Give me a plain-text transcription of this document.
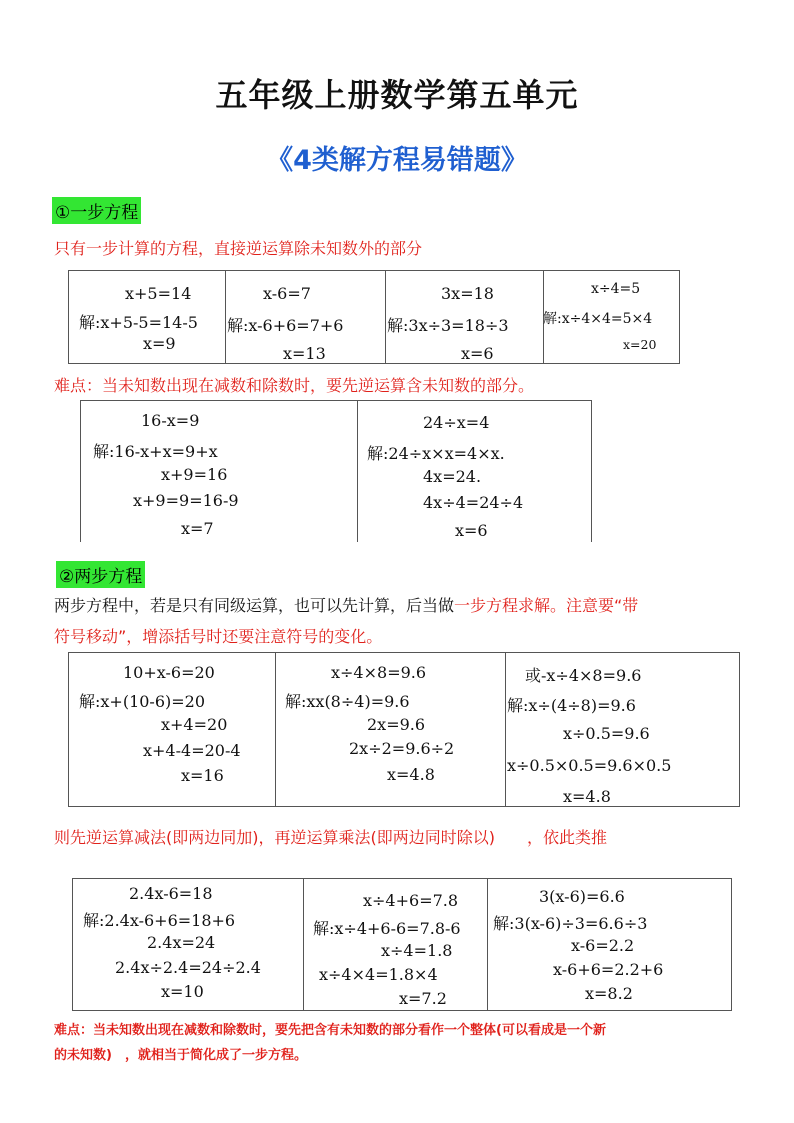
五年级上册数学第五单元
《4类解方程易错题》
①一步方程
只有一步计算的方程，直接逆运算除未知数外的部分
x+5=14
解:x+5-5=14-5
x=9
x-6=7
解:x-6+6=7+6
x=13
3x=18
解:3x÷3=18÷3
x=6
x÷4=5
解:x÷4×4=5×4
x=20
难点：当未知数出现在减数和除数时，要先逆运算含未知数的部分。
16-x=9
解:16-x+x=9+x
x+9=16
x+9=9=16-9
x=7
24÷x=4
解:24÷x×x=4×x.
4x=24.
4x÷4=24÷4
x=6
②两步方程
两步方程中，若是只有同级运算，也可以先计算，后当做一步方程求解。注意要“带
符号移动”，增添括号时还要注意符号的变化。
10+x-6=20
解:x+(10-6)=20
x+4=20
x+4-4=20-4
x=16
x÷4×8=9.6
解:xx(8÷4)=9.6
2x=9.6
2x÷2=9.6÷2
x=4.8
或-x÷4×8=9.6
解:x÷(4÷8)=9.6
x÷0.5=9.6
x÷0.5×0.5=9.6×0.5
x=4.8
则先逆运算减法(即两边同加)，再逆运算乘法(即两边同时除以)　　，依此类推
2.4x-6=18
解:2.4x-6+6=18+6
2.4x=24
2.4x÷2.4=24÷2.4
x=10
x÷4+6=7.8
解:x÷4+6-6=7.8-6
x÷4=1.8
x÷4×4=1.8×4
x=7.2
3(x-6)=6.6
解:3(x-6)÷3=6.6÷3
x-6=2.2
x-6+6=2.2+6
x=8.2
难点：当未知数出现在减数和除数时，要先把含有未知数的部分看作一个整体(可以看成是一个新
的未知数)　，就相当于简化成了一步方程。
